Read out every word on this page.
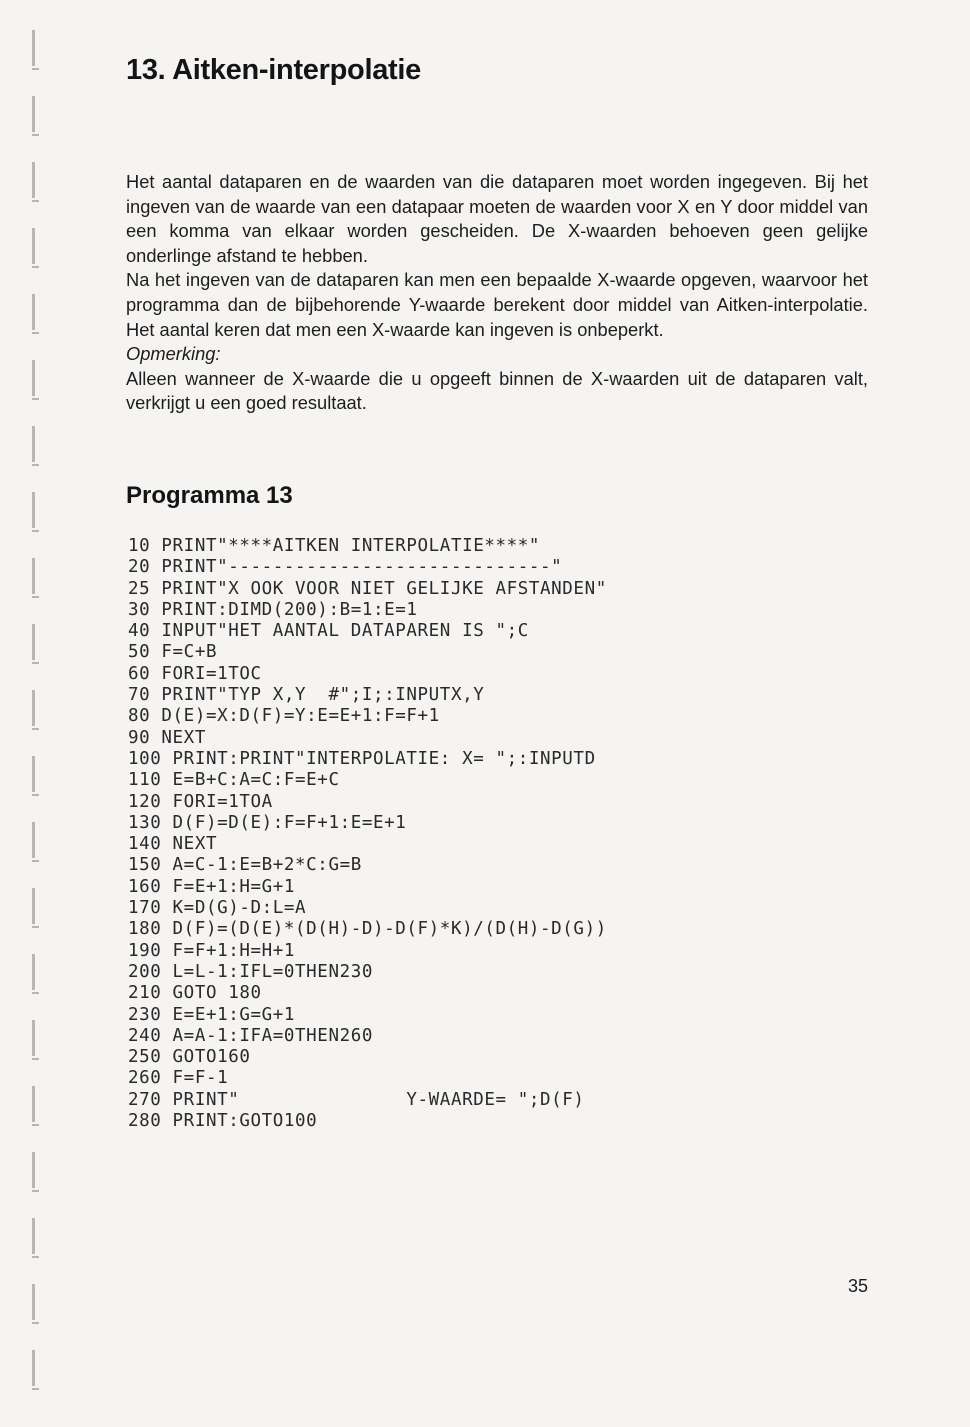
13. Aitken-interpolatie

Het aantal dataparen en de waarden van die dataparen moet worden ingegeven. Bij het ingeven van de waarde van een datapaar moeten de waarden voor X en Y door middel van een komma van elkaar worden gescheiden. De X-waarden behoeven geen gelijke onderlinge afstand te hebben.

Na het ingeven van de dataparen kan men een bepaalde X-waarde opgeven, waarvoor het programma dan de bijbehorende Y-waarde berekent door middel van Aitken-interpolatie. Het aantal keren dat men een X-waarde kan ingeven is onbeperkt.

Opmerking:

Alleen wanneer de X-waarde die u opgeeft binnen de X-waarden uit de dataparen valt, verkrijgt u een goed resultaat.

Programma 13
10 PRINT"****AITKEN INTERPOLATIE****"
20 PRINT"-----------------------------"
25 PRINT"X OOK VOOR NIET GELIJKE AFSTANDEN"
30 PRINT:DIMD(200):B=1:E=1
40 INPUT"HET AANTAL DATAPAREN IS ";C
50 F=C+B
60 FORI=1TOC
70 PRINT"TYP X,Y  #";I;:INPUTX,Y
80 D(E)=X:D(F)=Y:E=E+1:F=F+1
90 NEXT
100 PRINT:PRINT"INTERPOLATIE: X= ";:INPUTD
110 E=B+C:A=C:F=E+C
120 FORI=1TOA
130 D(F)=D(E):F=F+1:E=E+1
140 NEXT
150 A=C-1:E=B+2*C:G=B
160 F=E+1:H=G+1
170 K=D(G)-D:L=A
180 D(F)=(D(E)*(D(H)-D)-D(F)*K)/(D(H)-D(G))
190 F=F+1:H=H+1
200 L=L-1:IFL=0THEN230
210 GOTO 180
230 E=E+1:G=G+1
240 A=A-1:IFA=0THEN260
250 GOTO160
260 F=F-1
270 PRINT"               Y-WAARDE= ";D(F)
280 PRINT:GOTO100
35
